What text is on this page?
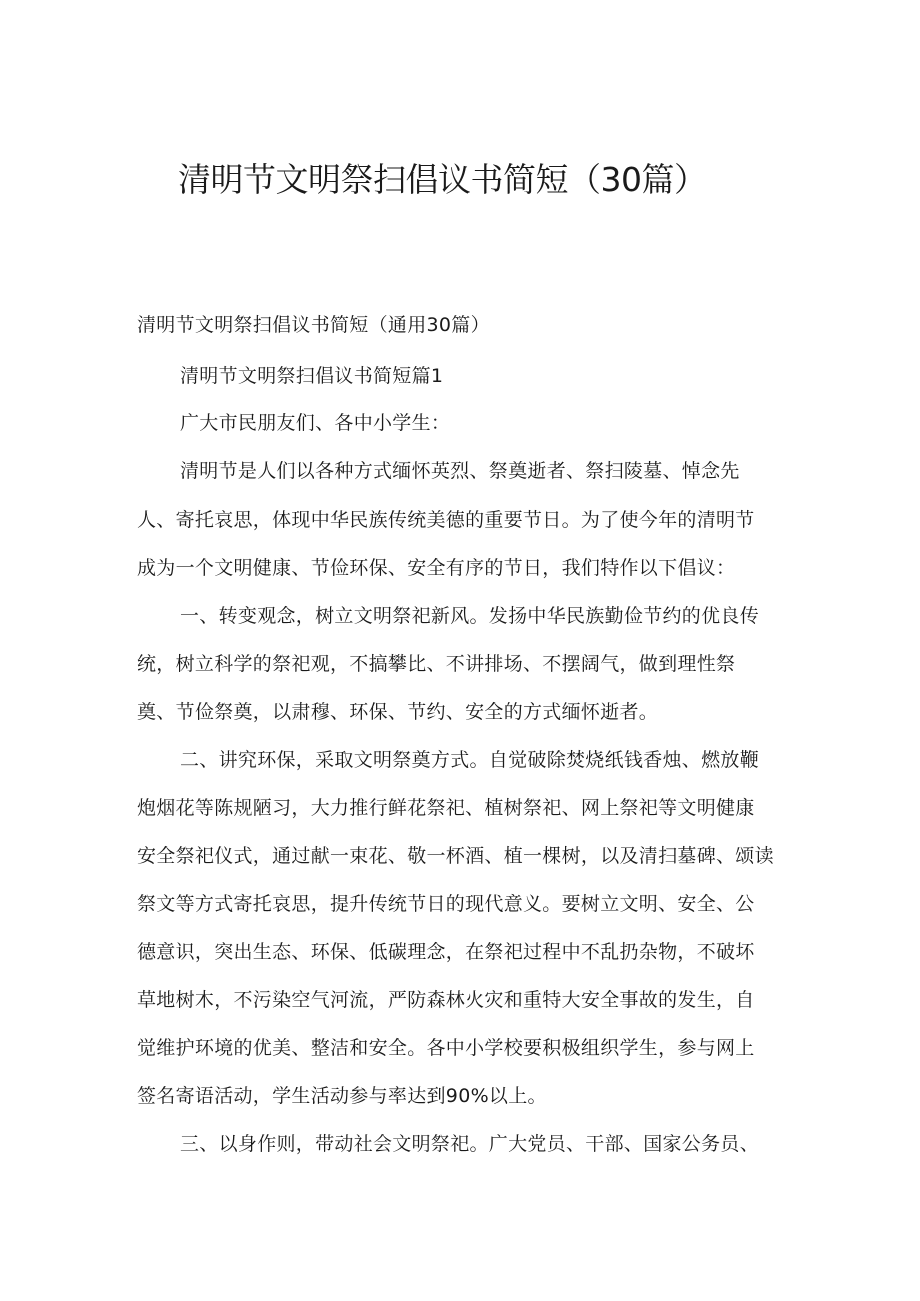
清明节文明祭扫倡议书简短（30篇）

清明节文明祭扫倡议书简短（通用30篇）

清明节文明祭扫倡议书简短篇1

广大市民朋友们、各中小学生：

清明节是人们以各种方式缅怀英烈、祭奠逝者、祭扫陵墓、悼念先

人、寄托哀思，体现中华民族传统美德的重要节日。为了使今年的清明节

成为一个文明健康、节俭环保、安全有序的节日，我们特作以下倡议：

一、转变观念，树立文明祭祀新风。发扬中华民族勤俭节约的优良传

统，树立科学的祭祀观，不搞攀比、不讲排场、不摆阔气，做到理性祭

奠、节俭祭奠，以肃穆、环保、节约、安全的方式缅怀逝者。

二、讲究环保，采取文明祭奠方式。自觉破除焚烧纸钱香烛、燃放鞭

炮烟花等陈规陋习，大力推行鲜花祭祀、植树祭祀、网上祭祀等文明健康

安全祭祀仪式，通过献一束花、敬一杯酒、植一棵树，以及清扫墓碑、颂读

祭文等方式寄托哀思，提升传统节日的现代意义。要树立文明、安全、公

德意识，突出生态、环保、低碳理念，在祭祀过程中不乱扔杂物，不破坏

草地树木，不污染空气河流，严防森林火灾和重特大安全事故的发生，自

觉维护环境的优美、整洁和安全。各中小学校要积极组织学生，参与网上

签名寄语活动，学生活动参与率达到90%以上。

三、以身作则，带动社会文明祭祀。广大党员、干部、国家公务员、
